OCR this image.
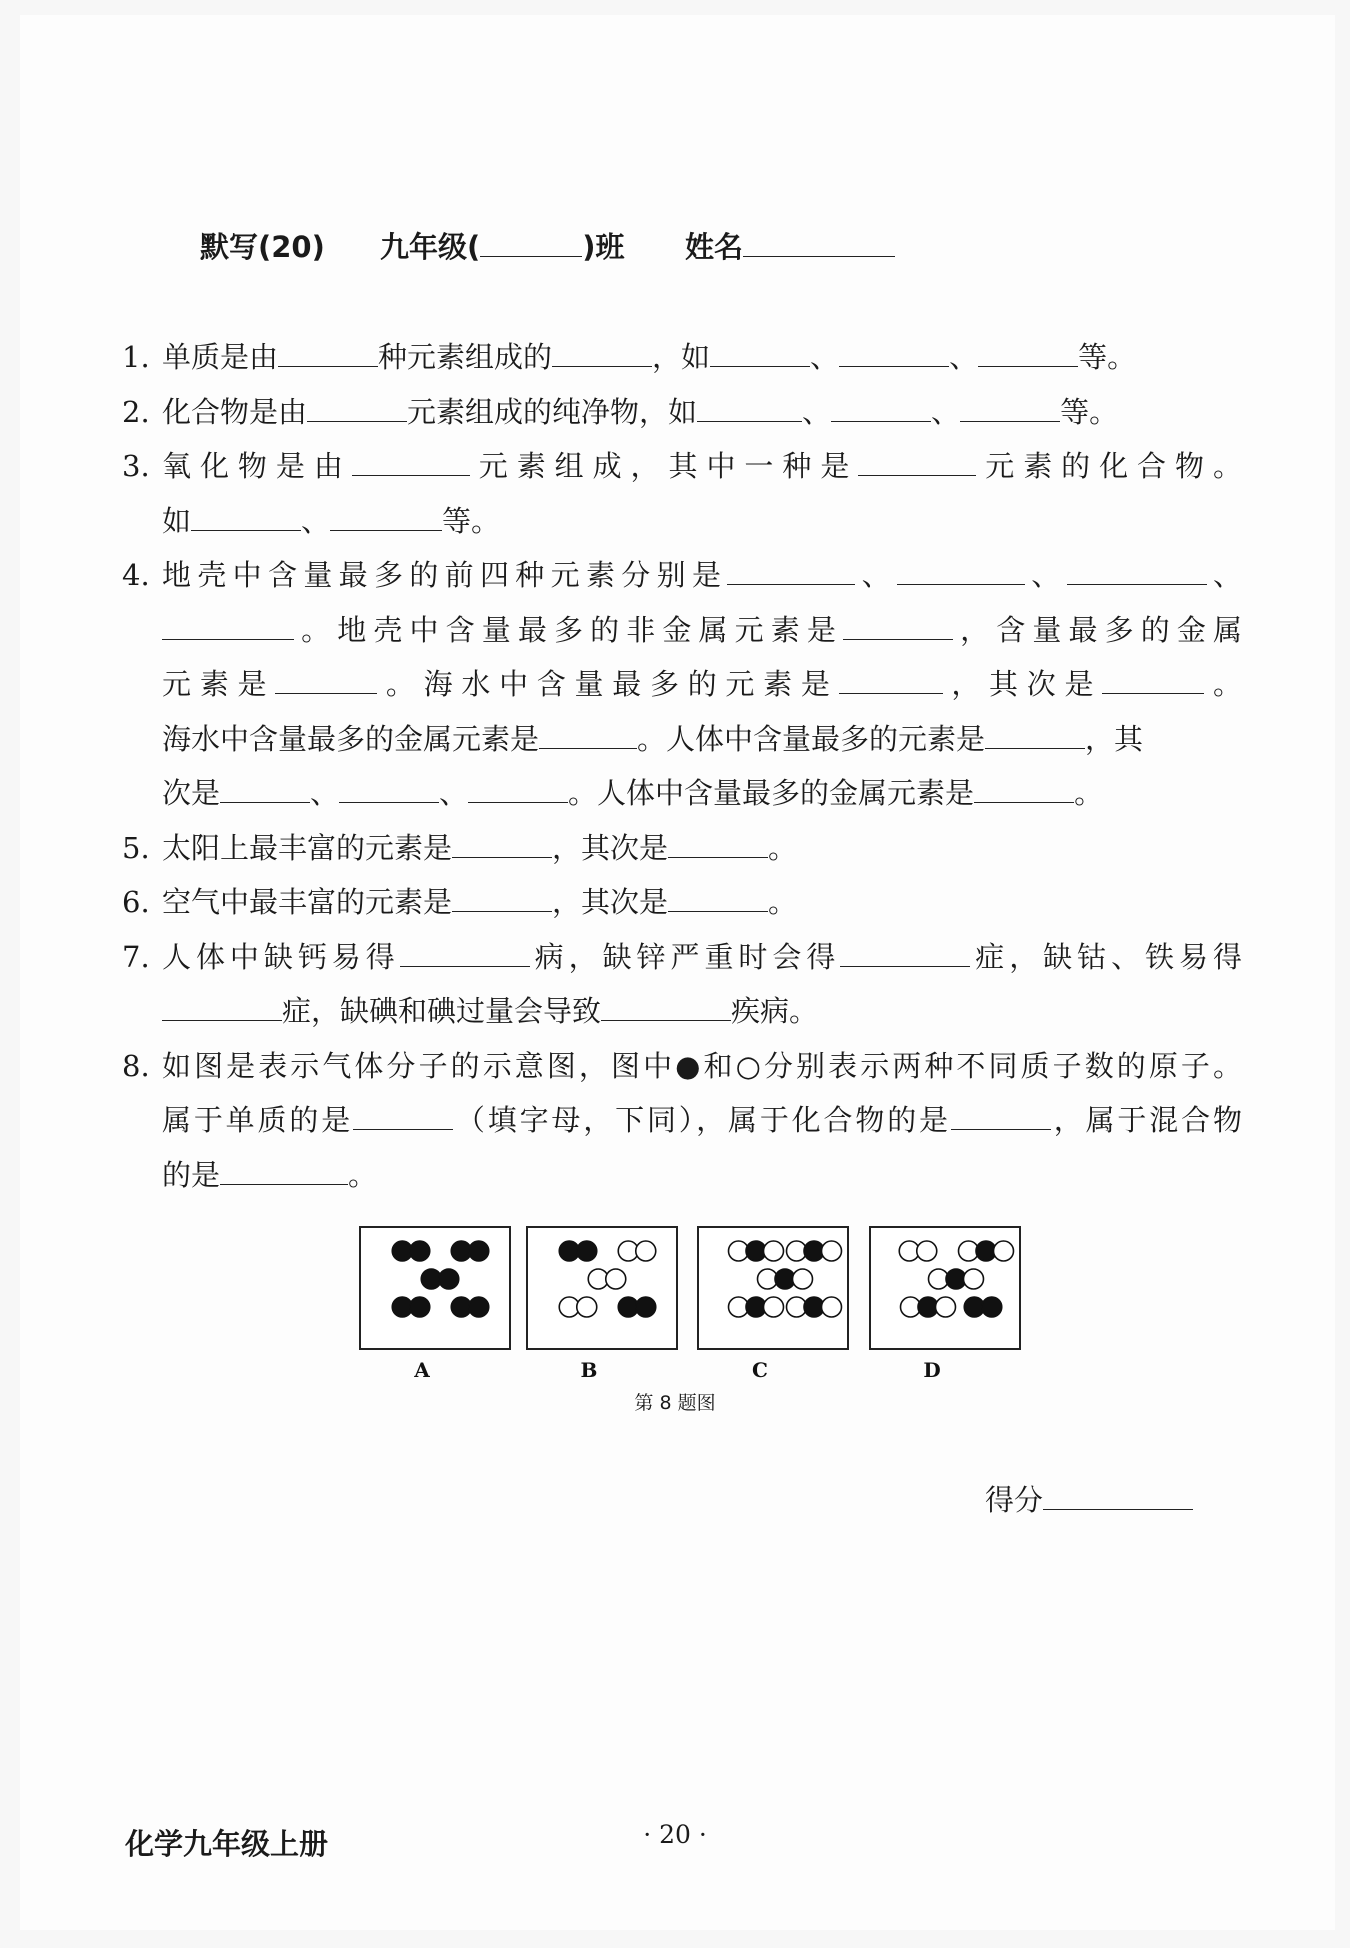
默写(20) 九年级(	)班 姓名
1. 单质是由	种元素组成的	，如	、	、	等。
2. 化合物是由	元素组成的纯净物，如	、	、	等。
3. 氧化物是由	元素组成，其中一种是	元素的化合物。
如	、	等。
4. 地壳中含量最多的前四种元素分别是	、	、	、
。地壳中含量最多的非金属元素是	，含量最多的金属
元素是	。海水中含量最多的元素是	，其次是	。
海水中含量最多的金属元素是	。人体中含量最多的元素是	，其
次是	、	、	。人体中含量最多的金属元素是	。
5. 太阳上最丰富的元素是	，其次是	。
6. 空气中最丰富的元素是	，其次是	。
7. 人体中缺钙易得	病，缺锌严重时会得	症，缺钴、铁易得
症，缺碘和碘过量会导致	疾病。
8. 如图是表示气体分子的示意图，图中●和○分别表示两种不同质子数的原子。
属于单质的是	（填字母，下同），属于化合物的是	，属于混合物
的是	。
A	B	C	D
第 8 题图
得分
化学九年级上册	· 20 ·
